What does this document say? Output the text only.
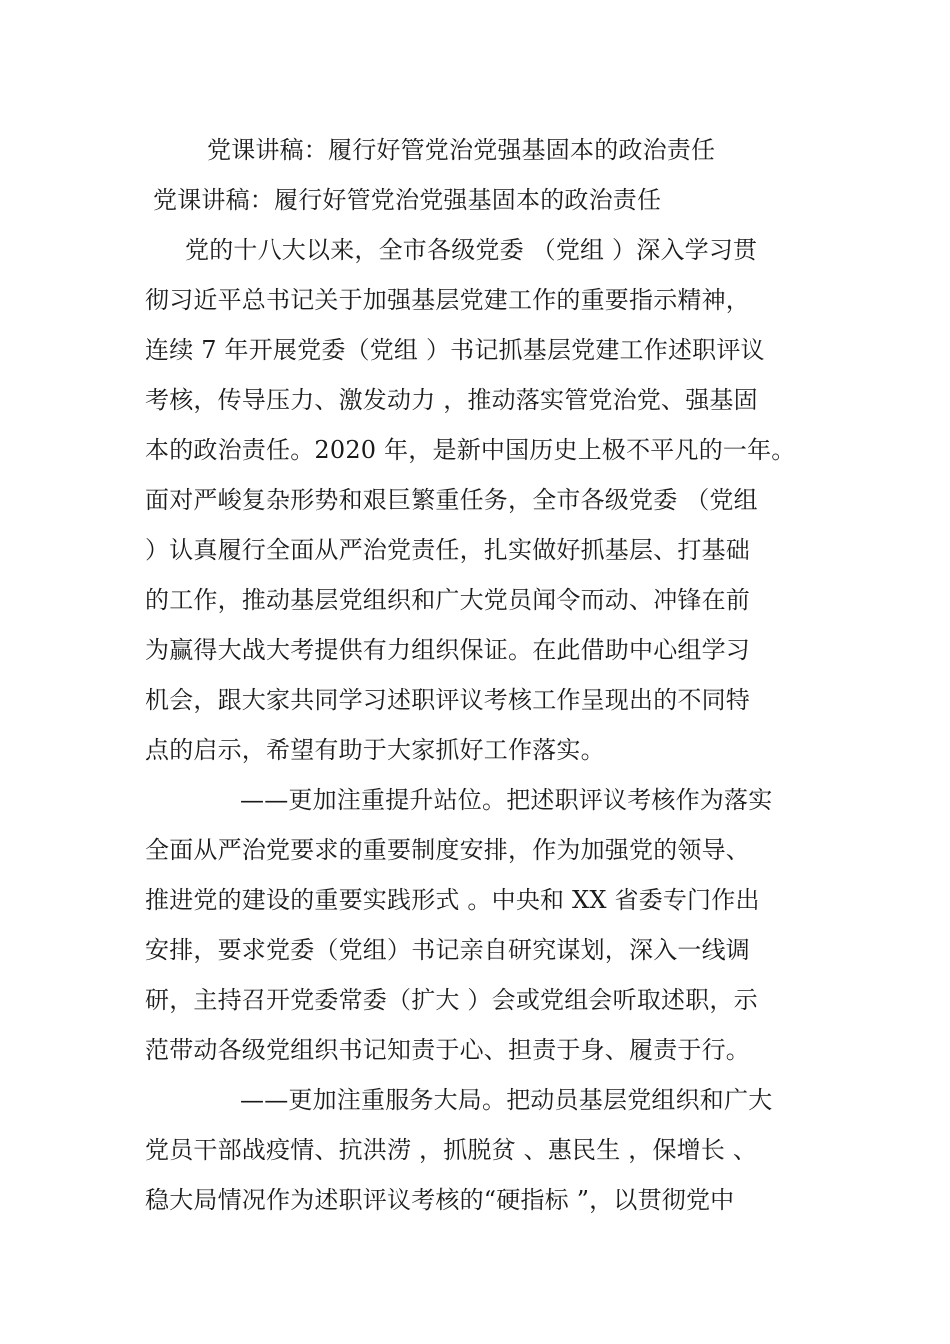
党课讲稿：履行好管党治党强基固本的政治责任
党课讲稿：履行好管党治党强基固本的政治责任
党的十八大以来，全市各级党委 （党组 ）深入学习贯
彻习近平总书记关于加强基层党建工作的重要指示精神，
连续 7 年开展党委（党组 ）书记抓基层党建工作述职评议
考核，传导压力、激发动力 ，推动落实管党治党、强基固
本的政治责任。2020 年，是新中国历史上极不平凡的一年。
面对严峻复杂形势和艰巨繁重任务，全市各级党委 （党组
）认真履行全面从严治党责任，扎实做好抓基层、打基础
的工作，推动基层党组织和广大党员闻令而动、冲锋在前
为赢得大战大考提供有力组织保证。在此借助中心组学习
机会，跟大家共同学习述职评议考核工作呈现出的不同特
点的启示，希望有助于大家抓好工作落实。
——更加注重提升站位。把述职评议考核作为落实
全面从严治党要求的重要制度安排，作为加强党的领导、
推进党的建设的重要实践形式 。中央和 XX 省委专门作出
安排，要求党委（党组）书记亲自研究谋划，深入一线调
研，主持召开党委常委（扩大 ）会或党组会听取述职，示
范带动各级党组织书记知责于心、担责于身、履责于行。
——更加注重服务大局。把动员基层党组织和广大
党员干部战疫情、抗洪涝 ，抓脱贫 、惠民生 ，保增长 、
稳大局情况作为述职评议考核的“硬指标 ”，以贯彻党中
